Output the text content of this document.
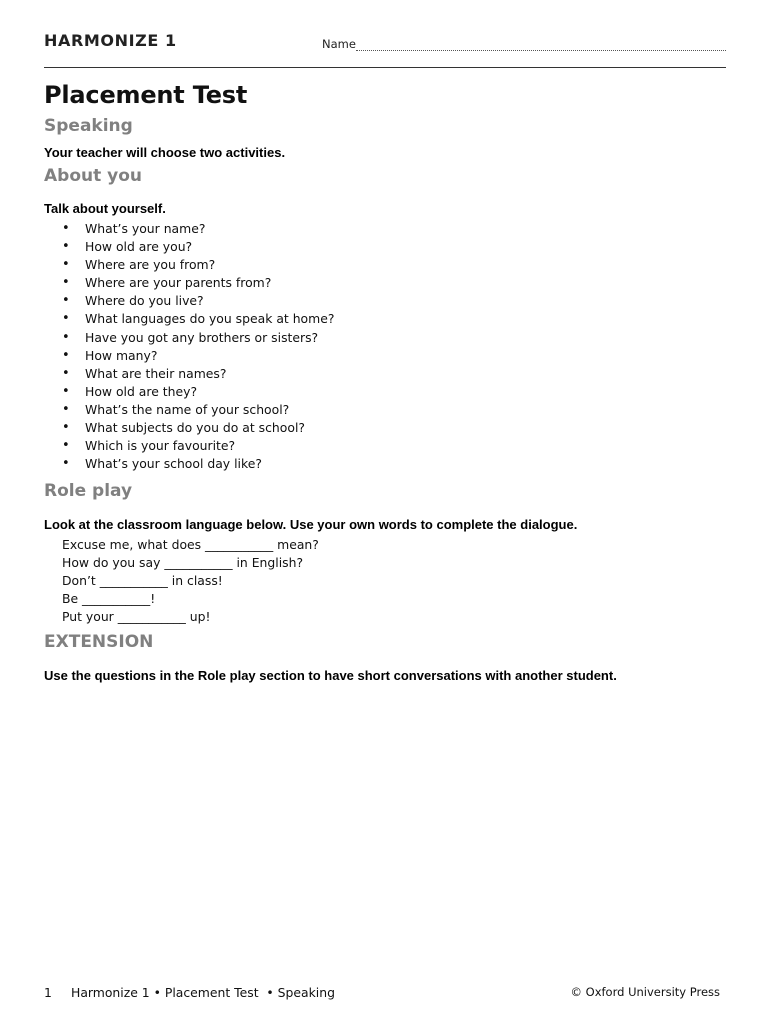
HARMONIZE 1	Name
Placement Test
Speaking
Your teacher will choose two activities.
About you
Talk about yourself.
• What’s your name?
• How old are you?
• Where are you from?
• Where are your parents from?
• Where do you live?
• What languages do you speak at home?
• Have you got any brothers or sisters?
• How many?
• What are their names?
• How old are they?
• What’s the name of your school?
• What subjects do you do at school?
• Which is your favourite?
• What’s your school day like?
Role play
Look at the classroom language below. Use your own words to complete the dialogue.
Excuse me, what does ___________ mean?
How do you say ___________ in English?
Don’t ___________ in class!
Be ___________!
Put your ___________ up!
EXTENSION
Use the questions in the Role play section to have short conversations with another student.
1 Harmonize 1 • Placement Test  • Speaking	© Oxford University Press
